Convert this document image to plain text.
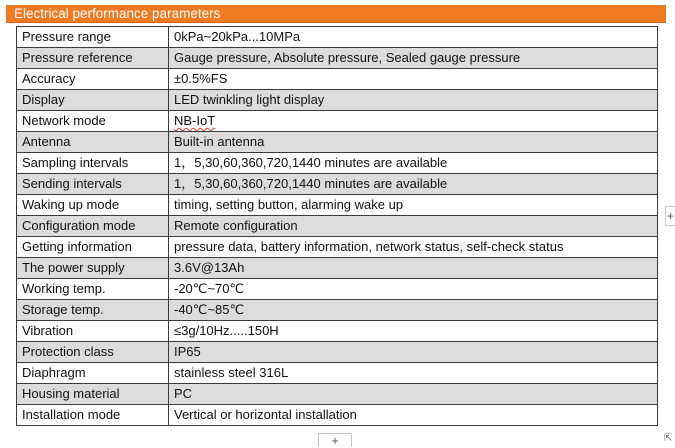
Electrical performance parameters
Pressure range	0kPa~20kPa...10MPa
Pressure reference	Gauge pressure, Absolute pressure, Sealed gauge pressure
Accuracy	±0.5%FS
Display	LED twinkling light display
Network mode	NB-IoT
Antenna	Built-in antenna
Sampling intervals	1，5,30,60,360,720,1440 minutes are available
Sending intervals	1，5,30,60,360,720,1440 minutes are available
Waking up mode	timing, setting button, alarming wake up
Configuration mode	Remote configuration
Getting information	pressure data, battery information, network status, self-check status
The power supply	3.6V@13Ah
Working temp.	-20℃~70℃
Storage temp.	-40℃~85℃
Vibration	≤3g/10Hz.....150H
Protection class	IP65
Diaphragm	stainless steel 316L
Housing material	PC
Installation mode	Vertical or horizontal installation
+
+	⇱
